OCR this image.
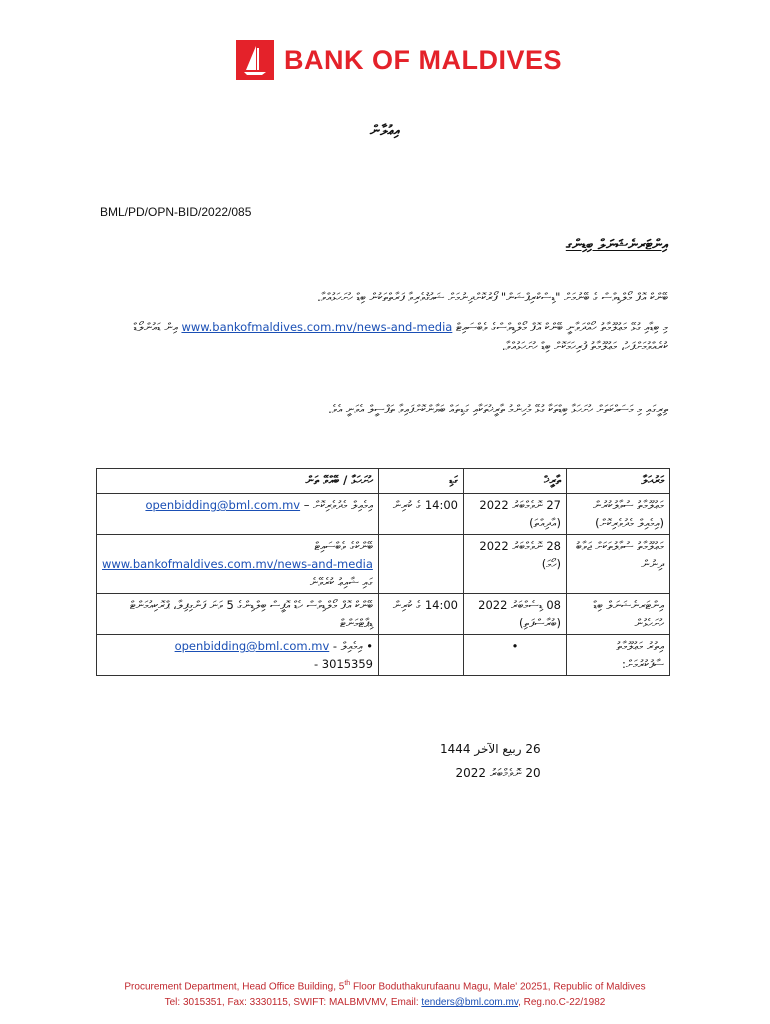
BANK OF MALDIVES
އިޢުލާން
BML/PD/OPN-BID/2022/085
އިންޓަރނެޝަނަލް ބިޑިންގ
ބޭންކް އޮފް މޯލްޑިވްސް ގެ ބޭނުމަށް "ޑިސްކްރިޕްޝަން" ފޯރުކޮށްދިނުމަށް ޝައުޤުވެރިވާ ފަރާތްތަކުން ބިޑް ހުށަހަޅުއްވާ.
މި ބިޑާއި ގުޅޭ މަޢުލޫމާތު ހޯއްދަވާނީ ބޭންކް އޮފް މޯލްޑިވްސްގެ ވެބްސައިޓް www.bankofmaldives.com.mv/news-and-media އިން ޑައުންލޯޑް ކުރެއްވުމަށްފަހު، މަޢުލޫމާތު ފުރިހަމަކޮށް ބިޑް ހުށަހަޅުއްވާ.
ތިރީގައި މި މަސައްކަތަށް ހުށަހަޅާ ބިޑްތަކާ ގުޅޭ މުހިންމު ތާރީޚުތަކާއި ގަޑިތައް ބަޔާންކޮށްފައިވާ ތަފްސީލް އެވަނީ އެވެ.
މަރުޙަލާ	ތާރީޚް	ގަޑި	ހުށަހަޅާ / ބޭއްވޭ ތަން
މަޢުލޫމާތު ސުވާލުކުރުން (އިމެއިލް މެދުވެރިކޮށް)	27 ނޮވެމްބަރު 2022 (އާދިއްތަ)	14:00 ގެ ކުރިން	އިމެއިލް މެދުވެރިކޮށް – openbidding@bml.com.mv
މަޢުލޫމާތު ސުވާލުތަކަށް ޖަވާބު ދިނުން	28 ނޮވެމްބަރު 2022 (ހޯމަ)		ބޭންކްގެ ވެބްސައިޓް
www.bankofmaldives.com.mv/news-and-media
ގައި ޝާއިޢު ކުރެވޭނެ

އިންޓަރނެޝަނަލް ބިޑް ހުށަހެޅުން	08 ޑިސެމްބަރު 2022 (ބުރާސްފަތި)	14:00 ގެ ކުރިން	ބޭންކް އޮފް މޯލްޑިވްސް ހެޑް އޮފީސް ބިލްޑިންގެ 5 ވަނަ ފަންގިފިލާ، ޕްރޮކިއުމަންޓް ޑިޕާޓްމަންޓް
އިތުރު މަޢުލޫމާތު ސާފުކުރުމަށް:	•		• އިމެއިލް - openbidding@bml.com.mv
- 3015359
26 ربيع الآخر 1444
20 ނޮވެމްބަރު 2022
Procurement Department, Head Office Building, 5th Floor Boduthakurufaanu Magu, Male' 20251, Republic of Maldives
Tel: 3015351, Fax: 3330115, SWIFT: MALBMVMV, Email: tenders@bml.com.mv, Reg.no.C-22/1982
